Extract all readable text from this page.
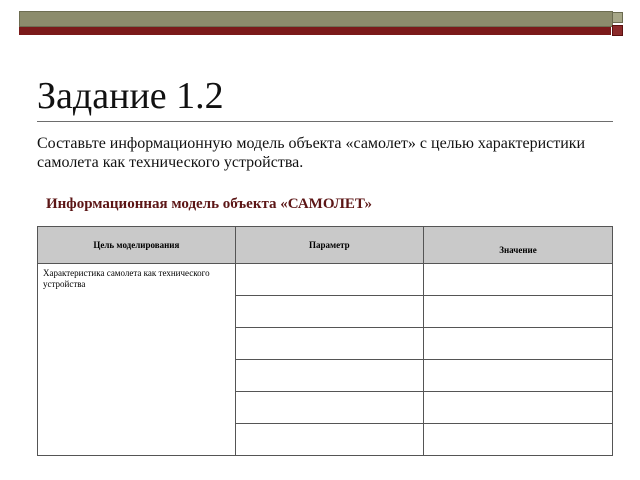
Задание 1.2
Составьте информационную модель объекта «самолет» с целью характеристики самолета как технического устройства.
Информационная модель объекта «САМОЛЕТ»
Цель моделирования	Параметр	Значение
Характеристика самолета как технического устройства		
